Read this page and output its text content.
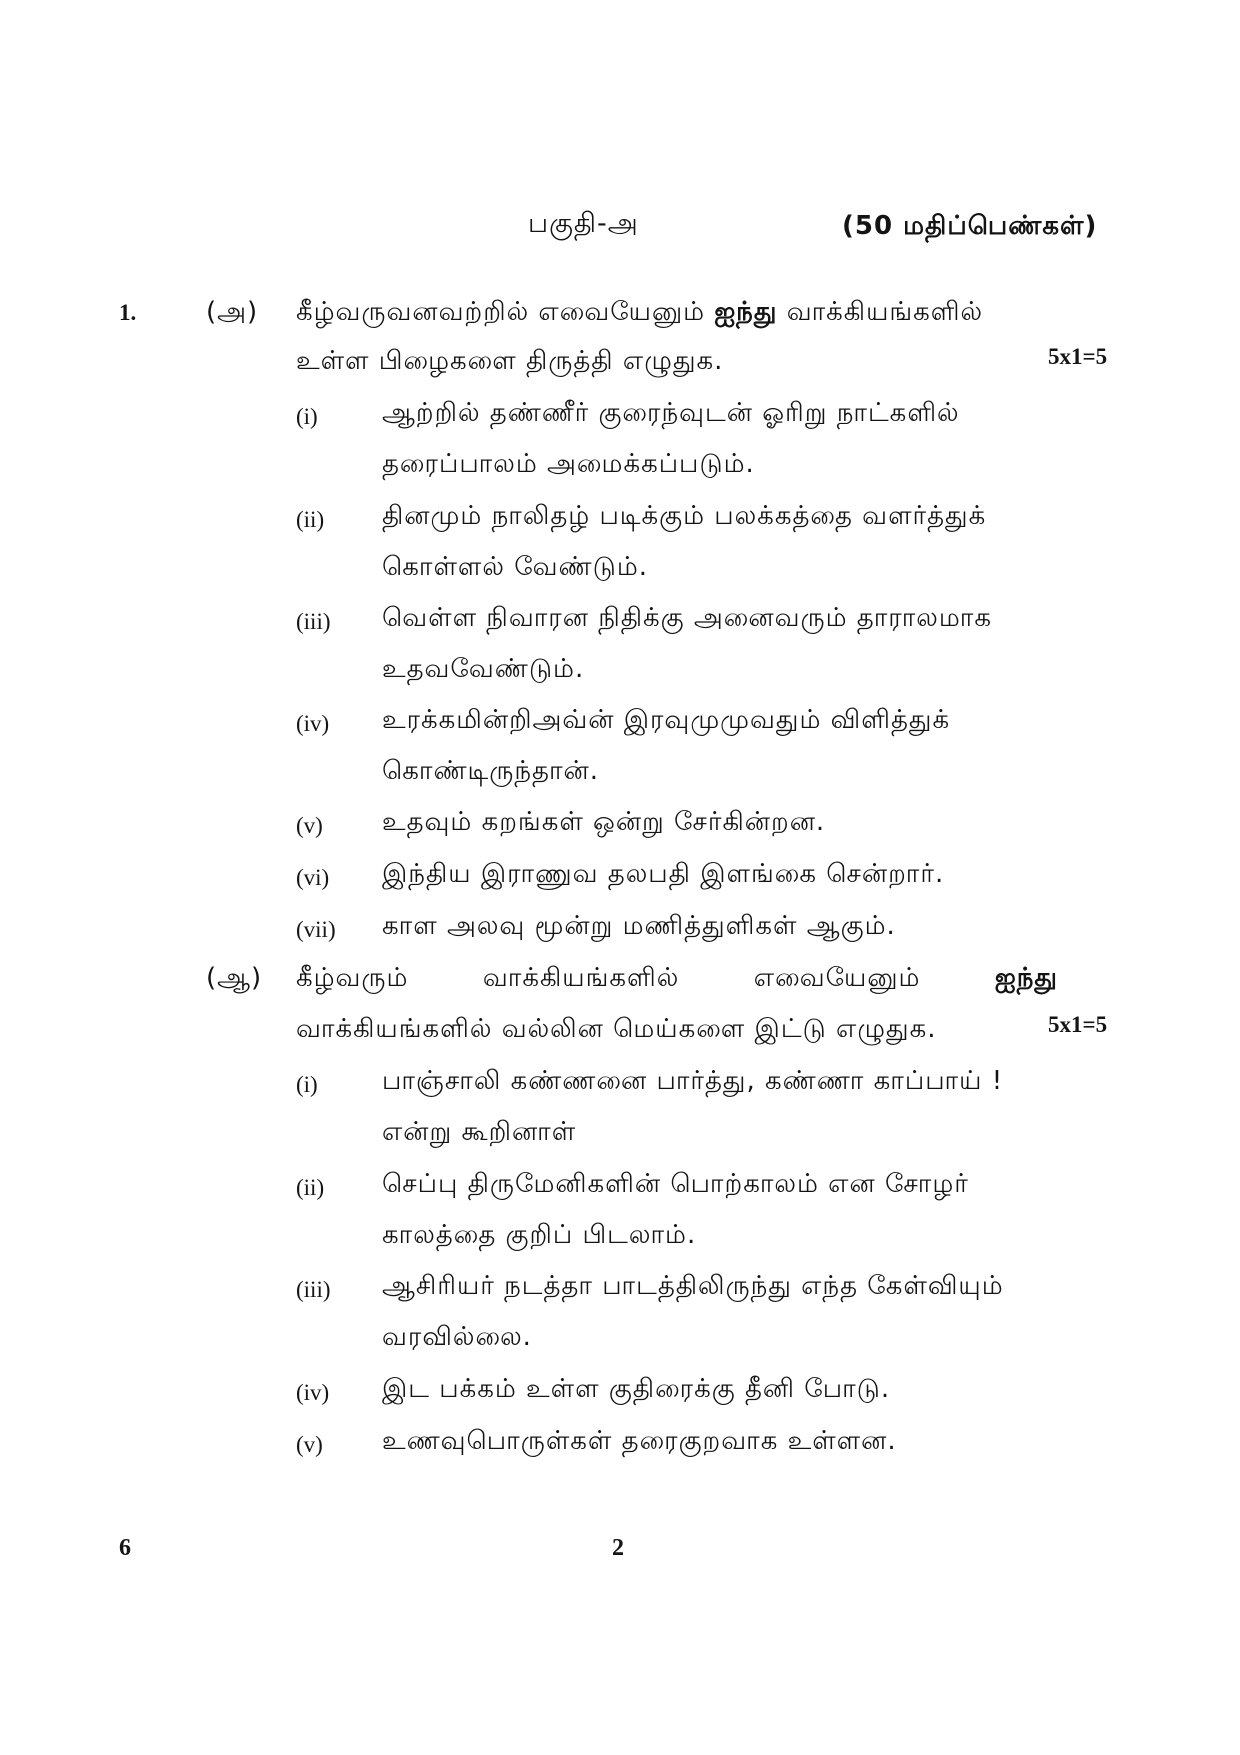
பகுதி-அ	(50 மதிப்பெண்கள்)
1.	(அ) கீழ்வருவனவற்றில் எவையேனும் ஐந்து வாக்கியங்களில்
உள்ள பிழைகளை திருத்தி எழுதுக.	5x1=5
(i) ஆற்றில் தண்ணீர் குரைந்வுடன் ஓரிறு நாட்களில்
தரைப்பாலம் அமைக்கப்படும்.
(ii) தினமும் நாலிதழ் படிக்கும் பலக்கத்தை வளர்த்துக்
கொள்ளல் வேண்டும்.
(iii) வெள்ள நிவாரன நிதிக்கு அனைவரும் தாராலமாக
உதவவேண்டும்.
(iv) உரக்கமின்றிஅவ்ன் இரவுமுமுவதும் விளித்துக்
கொண்டிருந்தான்.
(v) உதவும் கறங்கள் ஒன்று சேர்கின்றன.
(vi) இந்திய இராணுவ தலபதி இளங்கை சென்றார்.
(vii) காள அலவு மூன்று மணித்துளிகள் ஆகும்.
(ஆ) கீழ்வரும்	வாக்கியங்களில்	எவையேனும்	ஐந்து
வாக்கியங்களில் வல்லின மெய்களை இட்டு எழுதுக.	5x1=5
(i) பாஞ்சாலி கண்ணனை பார்த்து, கண்ணா காப்பாய் !
என்று கூறினாள்
(ii) செப்பு திருமேனிகளின் பொற்காலம் என சோழர்
காலத்தை குறிப் பிடலாம்.
(iii) ஆசிரியர் நடத்தா பாடத்திலிருந்து எந்த கேள்வியும்
வரவில்லை.
(iv) இட பக்கம் உள்ள குதிரைக்கு தீனி போடு.
(v) உணவுபொருள்கள் தரைகுறவாக உள்ளன.
6	2
